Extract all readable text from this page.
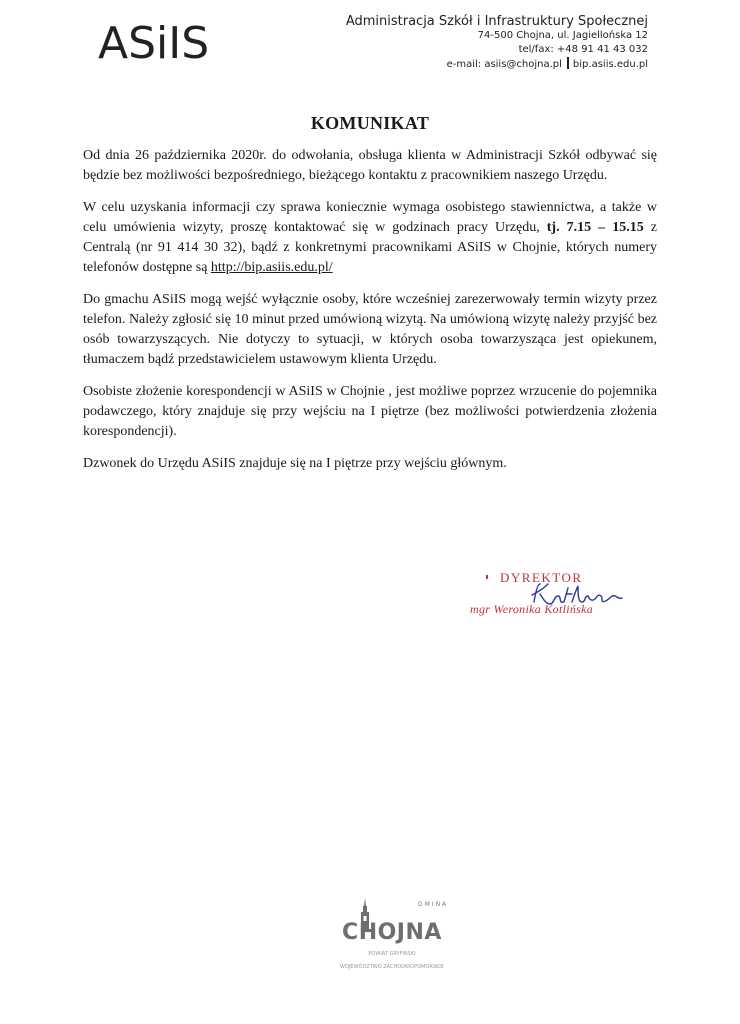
ASiIS	Administracja Szkół i Infrastruktury Społecznej
74-500 Chojna, ul. Jagiellońska 12
tel/fax: +48 91 41 43 032
e-mail: asiis@chojna.pl bip.asiis.edu.pl
KOMUNIKAT

Od dnia 26 października 2020r. do odwołania, obsługa klienta w Administracji Szkół odbywać się będzie bez możliwości bezpośredniego, bieżącego kontaktu z pracownikiem naszego Urzędu.

W celu uzyskania informacji czy sprawa koniecznie wymaga osobistego stawiennictwa, a także w celu umówienia wizyty, proszę kontaktować się w godzinach pracy Urzędu, tj. 7.15 – 15.15 z Centralą (nr 91 414 30 32), bądź z konkretnymi pracownikami ASiIS w Chojnie, których numery telefonów dostępne są http://bip.asiis.edu.pl/

Do gmachu ASiIS mogą wejść wyłącznie osoby, które wcześniej zarezerwowały termin wizyty przez telefon. Należy zgłosić się 10 minut przed umówioną wizytą. Na umówioną wizytę należy przyjść bez osób towarzyszących. Nie dotyczy to sytuacji, w których osoba towarzysząca jest opiekunem, tłumaczem bądź przedstawicielem ustawowym klienta Urzędu.

Osobiste złożenie korespondencji w ASiIS w Chojnie , jest możliwe poprzez wrzucenie do pojemnika podawczego, który znajduje się przy wejściu na I piętrze (bez możliwości potwierdzenia złożenia korespondencji).

Dzwonek do Urzędu ASiIS znajduje się na I piętrze przy wejściu głównym.

DYREKTOR
mgr Weronika Kotlińska
GMINA
CHOJNA
POWIAT GRYFIŃSKI
WOJEWÓDZTWO ZACHODNIOPOMORSKIE
